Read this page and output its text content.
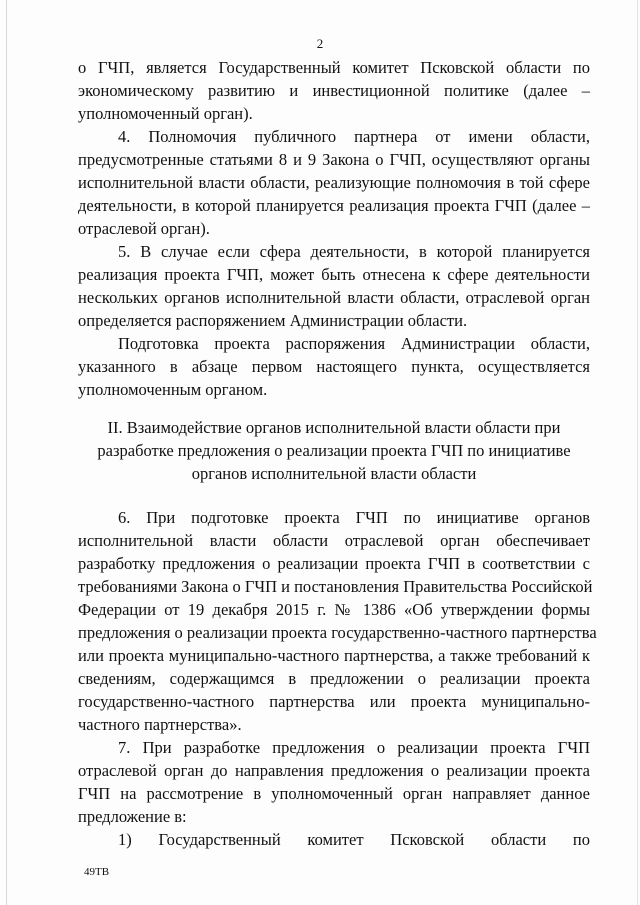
2
о ГЧП, является Государственный комитет Псковской области по
экономическому развитию и инвестиционной политике (далее –
уполномоченный орган).
4. Полномочия публичного партнера от имени области,
предусмотренные статьями 8 и 9 Закона о ГЧП, осуществляют органы
исполнительной власти области, реализующие полномочия в той сфере
деятельности, в которой планируется реализация проекта ГЧП (далее –
отраслевой орган).
5. В случае если сфера деятельности, в которой планируется
реализация проекта ГЧП, может быть отнесена к сфере деятельности
нескольких органов исполнительной власти области, отраслевой орган
определяется распоряжением Администрации области.
Подготовка проекта распоряжения Администрации области,
указанного в абзаце первом настоящего пункта, осуществляется
уполномоченным органом.
II. Взаимодействие органов исполнительной власти области при
разработке предложения о реализации проекта ГЧП по инициативе
органов исполнительной власти области
6. При подготовке проекта ГЧП по инициативе органов
исполнительной власти области отраслевой орган обеспечивает
разработку предложения о реализации проекта ГЧП в соответствии с
требованиями Закона о ГЧП и постановления Правительства Российской
Федерации от 19 декабря 2015 г. № 1386 «Об утверждении формы
предложения о реализации проекта государственно-частного партнерства
или проекта муниципально-частного партнерства, а также требований к
сведениям, содержащимся в предложении о реализации проекта
государственно-частного партнерства или проекта муниципально-
частного партнерства».
7. При разработке предложения о реализации проекта ГЧП
отраслевой орган до направления предложения о реализации проекта
ГЧП на рассмотрение в уполномоченный орган направляет данное
предложение в:
1) Государственный комитет Псковской области по
49ТВ
